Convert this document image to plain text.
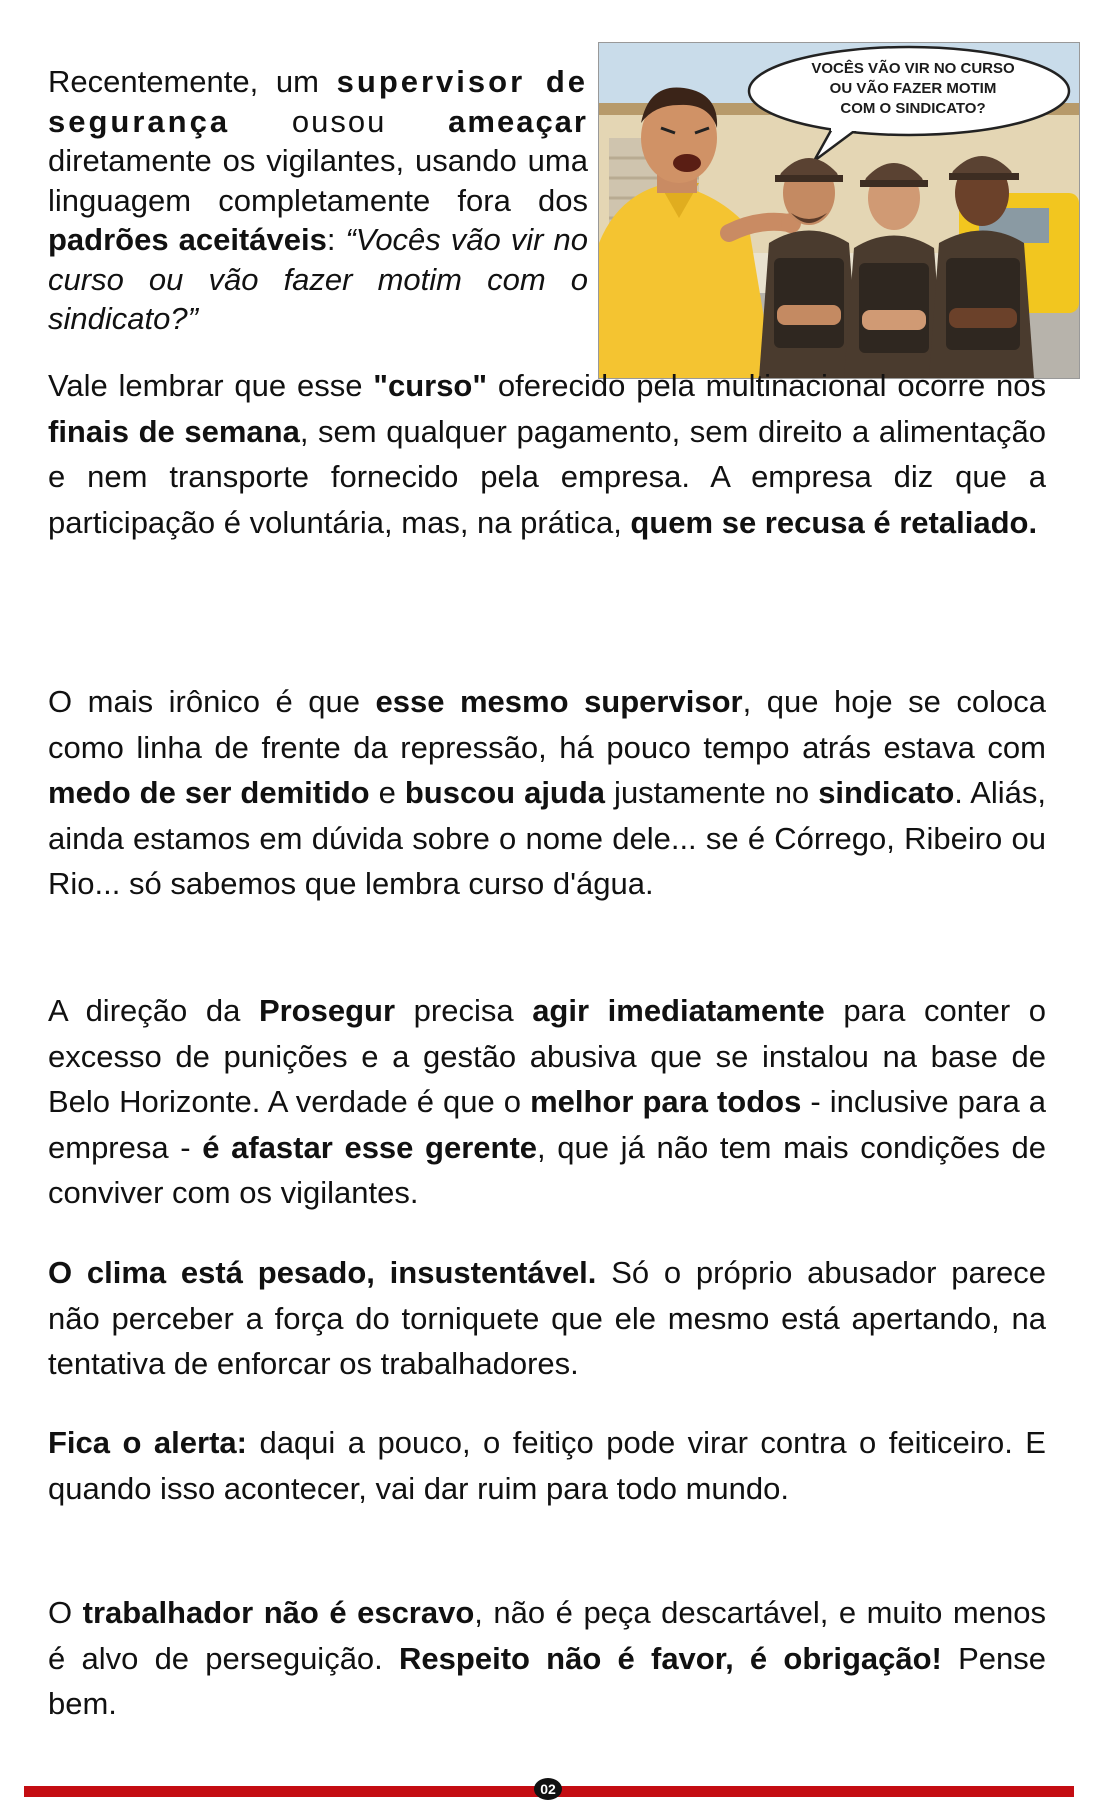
Recentemente, um supervisor de segurança ousou ameaçar diretamente os vigilantes, usando uma linguagem completamente fora dos padrões aceitáveis: “Vocês vão vir no curso ou vão fazer motim com o sindicato?”

VOCÊS VÃO VIR NO CURSO
OU VÃO FAZER MOTIM
COM O SINDICATO?

Vale lembrar que esse "curso" oferecido pela multinacional ocorre nos finais de semana, sem qualquer pagamento, sem direito a alimentação e nem transporte fornecido pela empresa. A empresa diz que a participação é voluntária, mas, na prática, quem se recusa é retaliado.

O mais irônico é que esse mesmo supervisor, que hoje se coloca como linha de frente da repressão, há pouco tempo atrás estava com medo de ser demitido e buscou ajuda justamente no sindicato. Aliás, ainda estamos em dúvida sobre o nome dele... se é Córrego, Ribeiro ou Rio... só sabemos que lembra curso d'água.

A direção da Prosegur precisa agir imediatamente para conter o excesso de punições e a gestão abusiva que se instalou na base de Belo Horizonte. A verdade é que o melhor para todos - inclusive para a empresa - é afastar esse gerente, que já não tem mais condições de conviver com os vigilantes.

O clima está pesado, insustentável. Só o próprio abusador parece não perceber a força do torniquete que ele mesmo está apertando, na tentativa de enforcar os trabalhadores.

Fica o alerta: daqui a pouco, o feitiço pode virar contra o feiticeiro. E quando isso acontecer, vai dar ruim para todo mundo.

O trabalhador não é escravo, não é peça descartável, e muito menos é alvo de perseguição. Respeito não é favor, é obrigação! Pense bem.

02
